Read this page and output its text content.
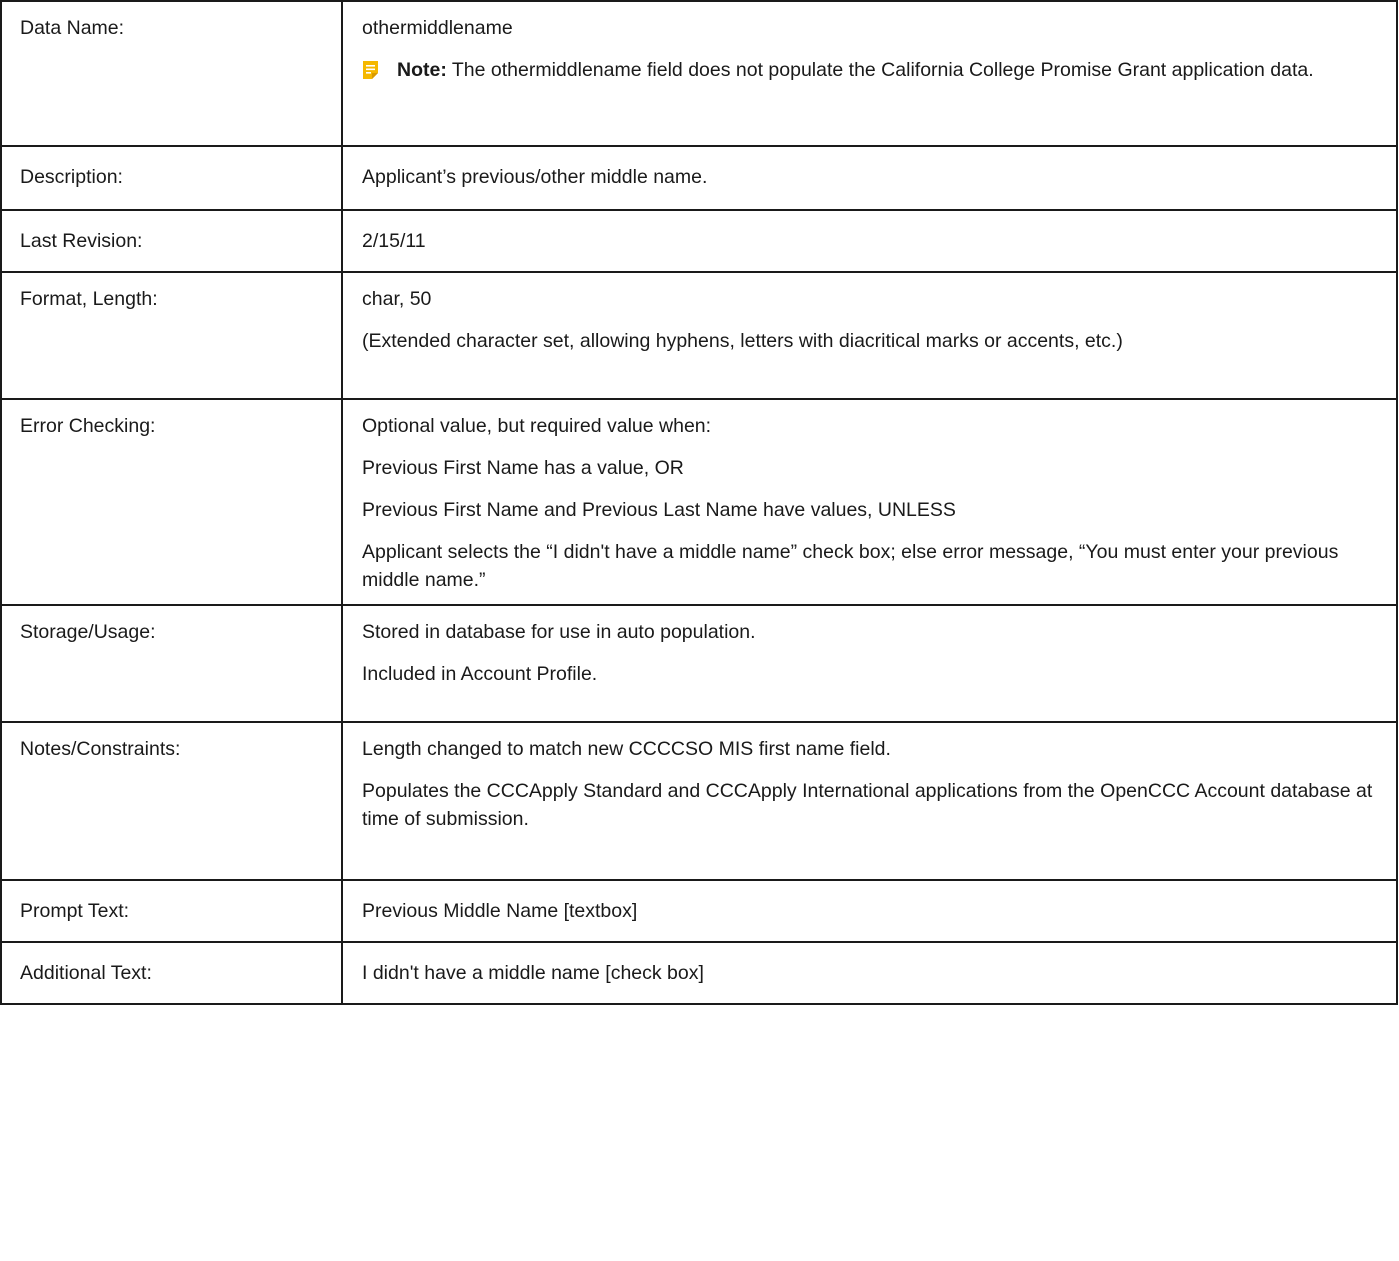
Data Name:	othermiddlename
Note: The othermiddlename field does not populate the California College Promise Grant application data.

Description:	Applicant’s previous/other middle name.

Last Revision:	2/15/11

Format, Length:	char, 50
(Extended character set, allowing hyphens, letters with diacritical marks or accents, etc.)

Error Checking:	Optional value, but required value when:
Previous First Name has a value, OR
Previous First Name and Previous Last Name have values, UNLESS
Applicant selects the “I didn't have a middle name” check box; else error message, “You must enter your previous middle name.”

Storage/Usage:	Stored in database for use in auto population.
Included in Account Profile.

Notes/Constraints:	Length changed to match new CCCCSO MIS first name field.
Populates the CCCApply Standard and CCCApply International applications from the OpenCCC Account database at time of submission.

Prompt Text:	Previous Middle Name [textbox]

Additional Text:	I didn't have a middle name [check box]
